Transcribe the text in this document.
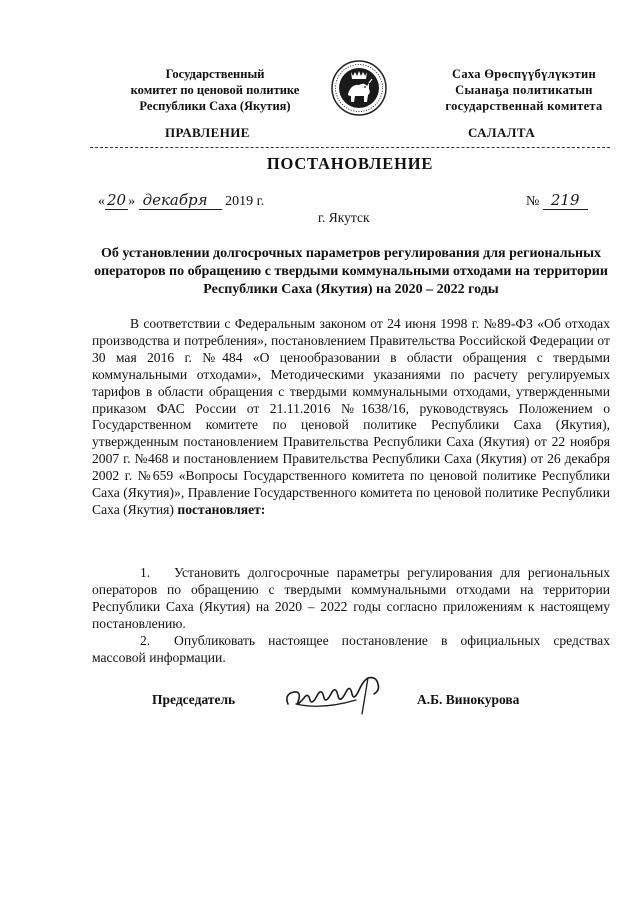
Государственный
комитет по ценовой политике
Республики Саха (Якутия)
Саха Өрөспүүбүлүкэтин
Сыанаҕа политикатын
государственнай комитета
ПРАВЛЕНИЕ	САЛАЛТА
ПОСТАНОВЛЕНИЕ
« 20 » декабря 2019 г.	№ 219
г. Якутск
Об установлении долгосрочных параметров регулирования для региональных операторов по обращению с твердыми коммунальными отходами на территории Республики Саха (Якутия) на 2020 – 2022 годы

В соответствии с Федеральным законом от 24 июня 1998 г. №89-ФЗ «Об отходах производства и потребления», постановлением Правительства Российской Федерации от 30 мая 2016 г. №484 «О ценообразовании в области обращения с твердыми коммунальными отходами», Методическими указаниями по расчету регулируемых тарифов в области обращения с твердыми коммунальными отходами, утвержденными приказом ФАС России от 21.11.2016 №1638/16, руководствуясь Положением о Государственном комитете по ценовой политике Республики Саха (Якутия), утвержденным постановлением Правительства Республики Саха (Якутия) от 22 ноября 2007 г. №468 и постановлением Правительства Республики Саха (Якутия) от 26 декабря 2002 г. №659 «Вопросы Государственного комитета по ценовой политике Республики Саха (Якутия)», Правление Государственного комитета по ценовой политике Республики Саха (Якутия) постановляет:

1. Установить долгосрочные параметры регулирования для региональных операторов по обращению с твердыми коммунальными отходами на территории Республики Саха (Якутия) на 2020 – 2022 годы согласно приложениям к настоящему постановлению.

2. Опубликовать настоящее постановление в официальных средствах массовой информации.

Председатель	А.Б. Винокурова
